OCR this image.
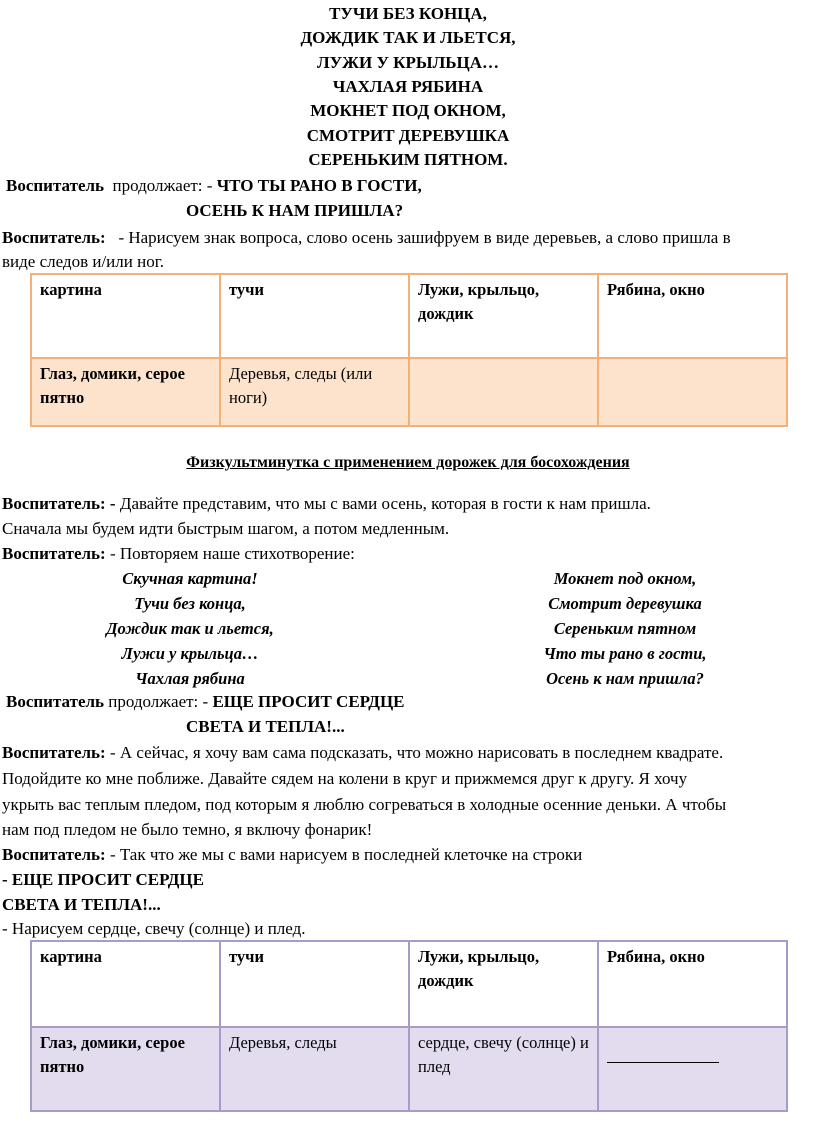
ТУЧИ БЕЗ КОНЦА,
ДОЖДИК ТАК И ЛЬЕТСЯ,
ЛУЖИ У КРЫЛЬЦА…
ЧАХЛАЯ РЯБИНА
МОКНЕТ ПОД ОКНОМ,
СМОТРИТ ДЕРЕВУШКА
СЕРЕНЬКИМ ПЯТНОМ.
Воспитатель  продолжает: - ЧТО ТЫ РАНО В ГОСТИ,
ОСЕНЬ К НАМ ПРИШЛА?
Воспитатель:   - Нарисуем знак вопроса, слово осень зашифруем в виде деревьев, а слово пришла в
виде следов и/или ног.
картина	тучи	Лужи, крыльцо, дождик	Рябина, окно
Глаз, домики, серое пятно	Деревья, следы (или ноги)		
Физкультминутка с применением дорожек для босохождения
Воспитатель: - Давайте представим, что мы с вами осень, которая в гости к нам пришла.
Сначала мы будем идти быстрым шагом, а потом медленным.
Воспитатель: - Повторяем наше стихотворение:
Скучная картина!
Тучи без конца,
Дождик так и льется,
Лужи у крыльца…
Чахлая рябина
Мокнет под окном,
Смотрит деревушка
Сереньким пятном
Что ты рано в гости,
Осень к нам пришла?
Воспитатель продолжает: - ЕЩЕ ПРОСИТ СЕРДЦЕ
СВЕТА И ТЕПЛА!...
Воспитатель: - А сейчас, я хочу вам сама подсказать, что можно нарисовать в последнем квадрате.
Подойдите ко мне поближе. Давайте сядем на колени в круг и прижмемся друг к другу. Я хочу
укрыть вас теплым пледом, под которым я люблю согреваться в холодные осенние деньки. А чтобы
нам под пледом не было темно, я включу фонарик!
Воспитатель: - Так что же мы с вами нарисуем в последней клеточке на строки
- ЕЩЕ ПРОСИТ СЕРДЦЕ
СВЕТА И ТЕПЛА!...
- Нарисуем сердце, свечу (солнце) и плед.
картина	тучи	Лужи, крыльцо, дождик	Рябина, окно
Глаз, домики, серое пятно	Деревья, следы	сердце, свечу (солнце) и плед	
